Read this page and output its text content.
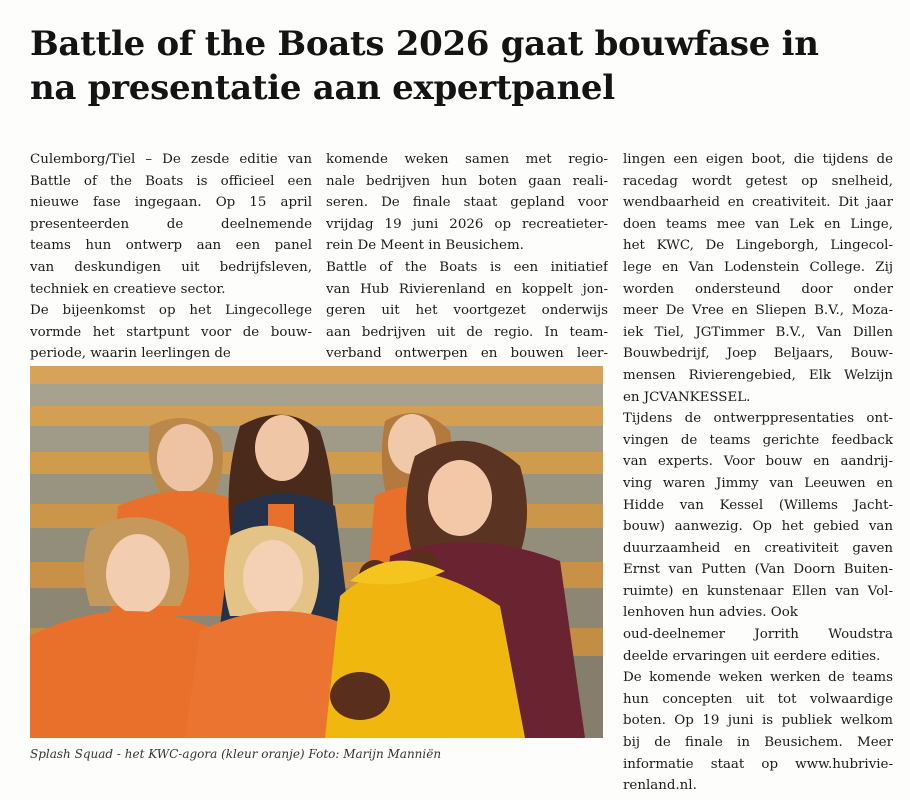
Battle of the Boats 2026 gaat bouwfase in
na presentatie aan expertpanel
Culemborg/Tiel – De zesde editie van
Battle of the Boats is officieel een
nieuwe fase ingegaan. Op 15 april
presenteerden de deelnemende
teams hun ontwerp aan een panel
van deskundigen uit bedrijfsleven,
techniek en creatieve sector.
De bijeenkomst op het Lingecollege
vormde het startpunt voor de bouw-
periode, waarin leerlingen de
komende weken samen met regio-
nale bedrijven hun boten gaan reali-
seren. De finale staat gepland voor
vrijdag 19 juni 2026 op recreatieter-
rein De Meent in Beusichem.
Battle of the Boats is een initiatief
van Hub Rivierenland en koppelt jon-
geren uit het voortgezet onderwijs
aan bedrijven uit de regio. In team-
verband ontwerpen en bouwen leer-
lingen een eigen boot, die tijdens de
racedag wordt getest op snelheid,
wendbaarheid en creativiteit. Dit jaar
doen teams mee van Lek en Linge,
het KWC, De Lingeborgh, Lingecol-
lege en Van Lodenstein College. Zij
worden ondersteund door onder
meer De Vree en Sliepen B.V., Moza-
iek Tiel, JGTimmer B.V., Van Dillen
Bouwbedrijf, Joep Beljaars, Bouw-
mensen Rivierengebied, Elk Welzijn
en JCVANKESSEL.
Tijdens de ontwerppresentaties ont-
vingen de teams gerichte feedback
van experts. Voor bouw en aandrij-
ving waren Jimmy van Leeuwen en
Hidde van Kessel (Willems Jacht-
bouw) aanwezig. Op het gebied van
duurzaamheid en creativiteit gaven
Ernst van Putten (Van Doorn Buiten-
ruimte) en kunstenaar Ellen van Vol-
lenhoven hun advies. Ook
oud-deelnemer Jorrith Woudstra
deelde ervaringen uit eerdere edities.
De komende weken werken de teams
hun concepten uit tot volwaardige
boten. Op 19 juni is publiek welkom
bij de finale in Beusichem. Meer
informatie staat op www.hubrivie-
renland.nl.
Splash Squad - het KWC-agora (kleur oranje) Foto: Marijn Manniën
